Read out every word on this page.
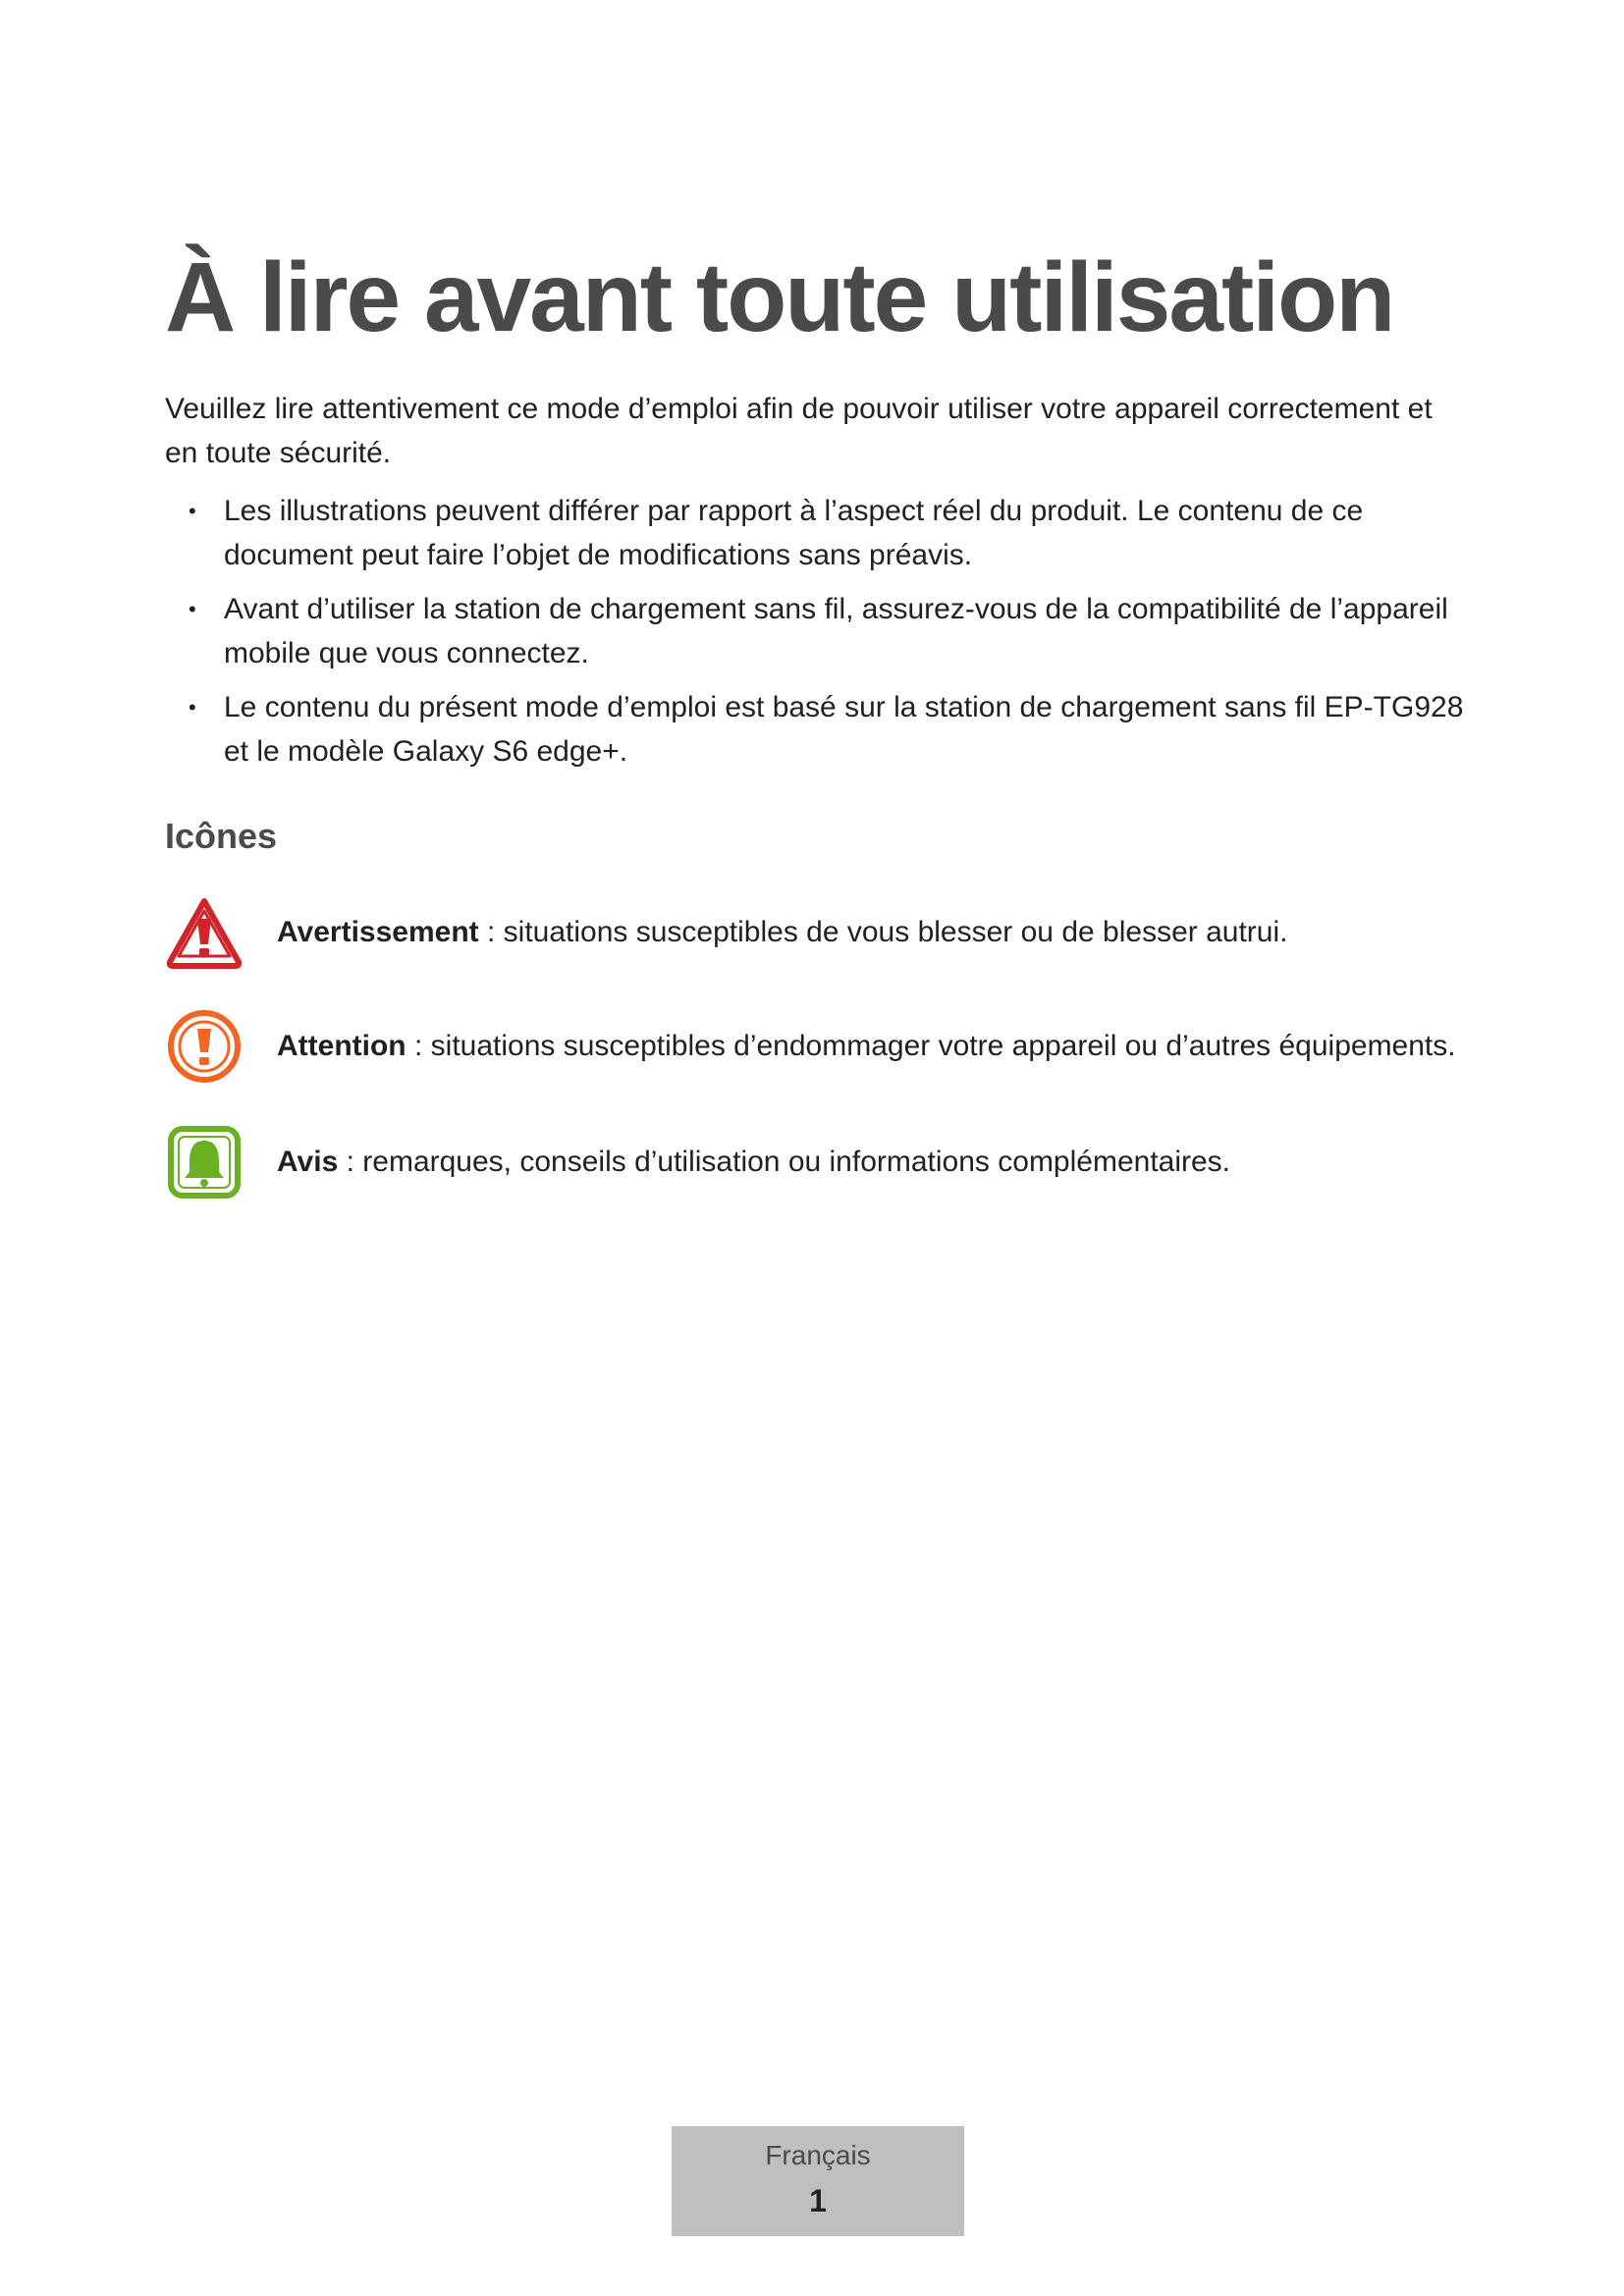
À lire avant toute utilisation

Veuillez lire attentivement ce mode d’emploi afin de pouvoir utiliser votre appareil correctement et en toute sécurité.

• Les illustrations peuvent différer par rapport à l’aspect réel du produit. Le contenu de ce document peut faire l’objet de modifications sans préavis.
• Avant d’utiliser la station de chargement sans fil, assurez-vous de la compatibilité de l’appareil mobile que vous connectez.
• Le contenu du présent mode d’emploi est basé sur la station de chargement sans fil EP-TG928 et le modèle Galaxy S6 edge+.
Icônes
Avertissement : situations susceptibles de vous blesser ou de blesser autrui.
Attention : situations susceptibles d’endommager votre appareil ou d’autres équipements.
Avis : remarques, conseils d’utilisation ou informations complémentaires.
Français
1
